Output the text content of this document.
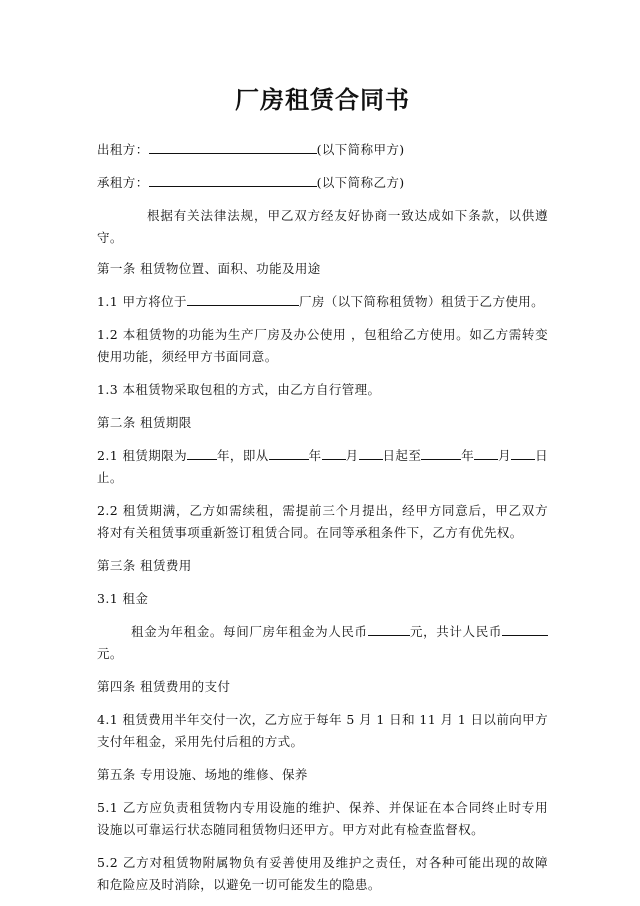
厂房租赁合同书

出租方：	(以下简称甲方)

承租方：	(以下简称乙方)

根据有关法律法规，甲乙双方经友好协商一致达成如下条款，以供遵守。

第一条 租赁物位置、面积、功能及用途

1.1 甲方将位于	厂房（以下简称租赁物）租赁于乙方使用。

1.2 本租赁物的功能为生产厂房及办公使用 ，包租给乙方使用。如乙方需转变使用功能，须经甲方书面同意。

1.3 本租赁物采取包租的方式，由乙方自行管理。

第二条 租赁期限

2.1 租赁期限为 年，即从	年 月 日起至	年 月 日止。

2.2 租赁期满，乙方如需续租，需提前三个月提出，经甲方同意后，甲乙双方将对有关租赁事项重新签订租赁合同。在同等承租条件下，乙方有优先权。

第三条 租赁费用

3.1 租金

租金为年租金。每间厂房年租金为人民币	元，共计人民币元。

第四条 租赁费用的支付

4.1 租赁费用半年交付一次，乙方应于每年 5 月 1 日和 11 月 1 日以前向甲方支付年租金，采用先付后租的方式。

第五条 专用设施、场地的维修、保养

5.1 乙方应负责租赁物内专用设施的维护、保养、并保证在本合同终止时专用设施以可靠运行状态随同租赁物归还甲方。甲方对此有检查监督权。

5.2 乙方对租赁物附属物负有妥善使用及维护之责任，对各种可能出现的故障和危险应及时消除，以避免一切可能发生的隐患。
